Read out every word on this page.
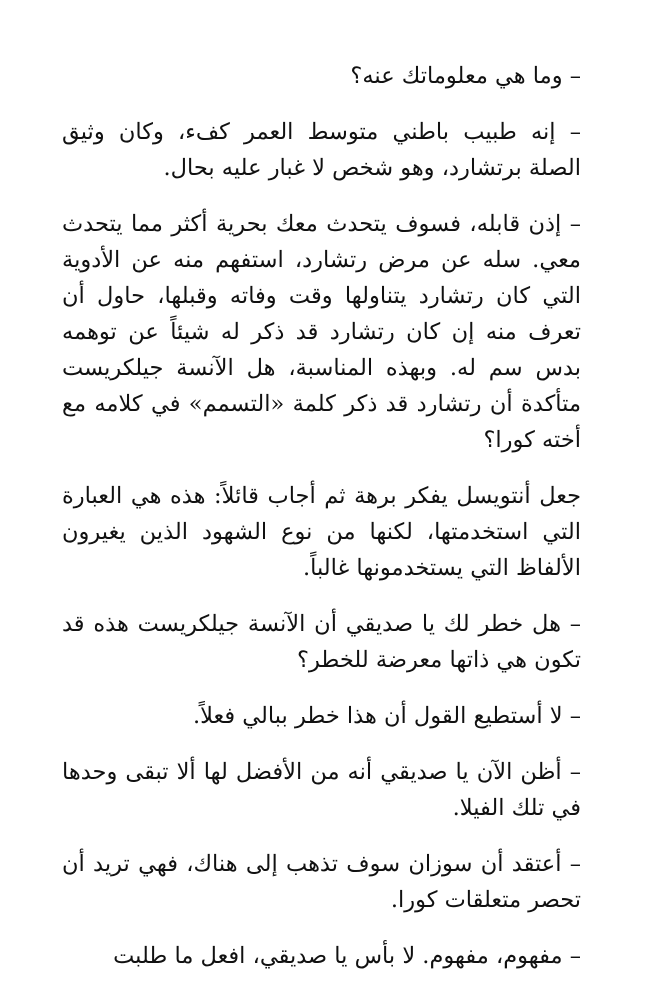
– وما هي معلوماتك عنه؟

– إنه طبيب باطني متوسط العمر كفء، وكان وثيق الصلة برتشارد، وهو شخص لا غبار عليه بحال.

– إذن قابله، فسوف يتحدث معك بحرية أكثر مما يتحدث معي. سله عن مرض رتشارد، استفهم منه عن الأدوية التي كان رتشارد يتناولها وقت وفاته وقبلها، حاول أن تعرف منه إن كان رتشارد قد ذكر له شيئاً عن توهمه بدس سم له. وبهذه المناسبة، هل الآنسة جيلكريست متأكدة أن رتشارد قد ذكر كلمة «التسمم» في كلامه مع أخته كورا؟

جعل أنتويسل يفكر برهة ثم أجاب قائلاً: هذه هي العبارة التي استخدمتها، لكنها من نوع الشهود الذين يغيرون الألفاظ التي يستخدمونها غالباً.

– هل خطر لك يا صديقي أن الآنسة جيلكريست هذه قد تكون هي ذاتها معرضة للخطر؟

– لا أستطيع القول أن هذا خطر ببالي فعلاً.

– أظن الآن يا صديقي أنه من الأفضل لها ألا تبقى وحدها في تلك الفيلا.

– أعتقد أن سوزان سوف تذهب إلى هناك، فهي تريد أن تحصر متعلقات كورا.

– مفهوم، مفهوم. لا بأس يا صديقي، افعل ما طلبت
